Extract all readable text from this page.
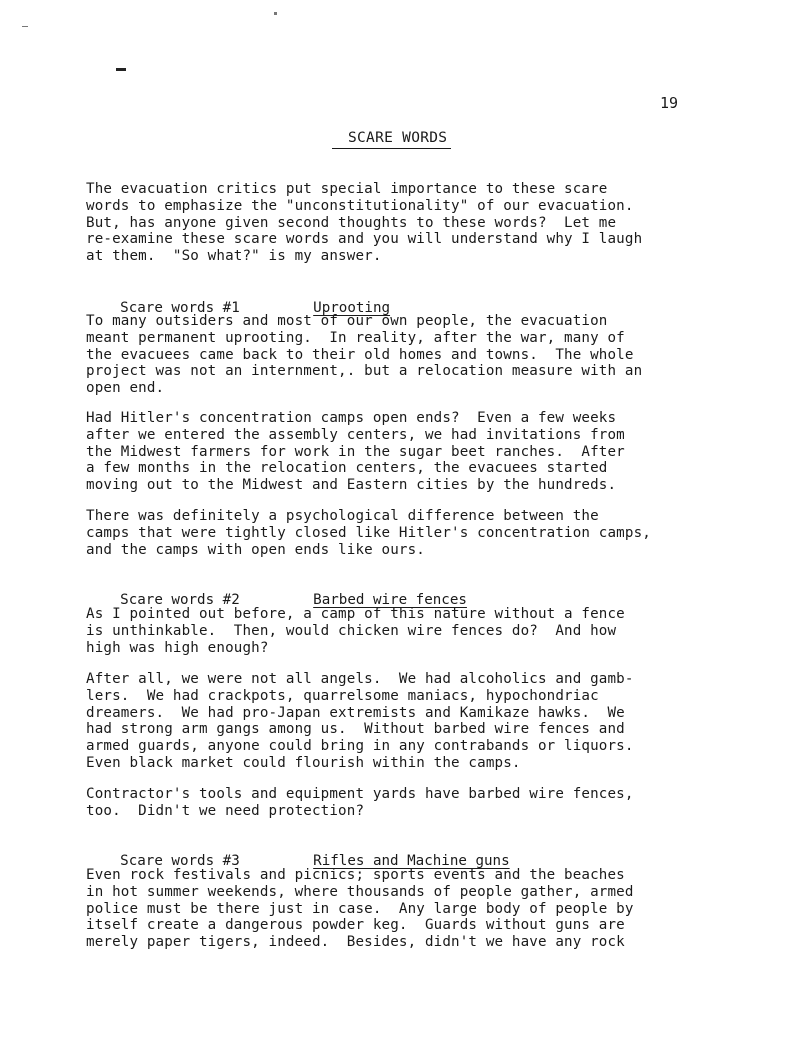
19
SCARE WORDS
The evacuation critics put special importance to these scare
words to emphasize the "unconstitutionality" of our evacuation.
But, has anyone given second thoughts to these words?  Let me
re-examine these scare words and you will understand why I laugh
at them.  "So what?" is my answer.

Scare words #1	Uprooting

To many outsiders and most of our own people, the evacuation
meant permanent uprooting.  In reality, after the war, many of
the evacuees came back to their old homes and towns.  The whole
project was not an internment,. but a relocation measure with an
open end.
Had Hitler's concentration camps open ends?  Even a few weeks
after we entered the assembly centers, we had invitations from
the Midwest farmers for work in the sugar beet ranches.  After
a few months in the relocation centers, the evacuees started
moving out to the Midwest and Eastern cities by the hundreds.
There was definitely a psychological difference between the
camps that were tightly closed like Hitler's concentration camps,
and the camps with open ends like ours.

Scare words #2	Barbed wire fences

As I pointed out before, a camp of this nature without a fence
is unthinkable.  Then, would chicken wire fences do?  And how
high was high enough?
After all, we were not all angels.  We had alcoholics and gamb-
lers.  We had crackpots, quarrelsome maniacs, hypochondriac
dreamers.  We had pro-Japan extremists and Kamikaze hawks.  We
had strong arm gangs among us.  Without barbed wire fences and
armed guards, anyone could bring in any contrabands or liquors.
Even black market could flourish within the camps.
Contractor's tools and equipment yards have barbed wire fences,
too.  Didn't we need protection?

Scare words #3	Rifles and Machine guns

Even rock festivals and picnics; sports events and the beaches
in hot summer weekends, where thousands of people gather, armed
police must be there just in case.  Any large body of people by
itself create a dangerous powder keg.  Guards without guns are
merely paper tigers, indeed.  Besides, didn't we have any rock
